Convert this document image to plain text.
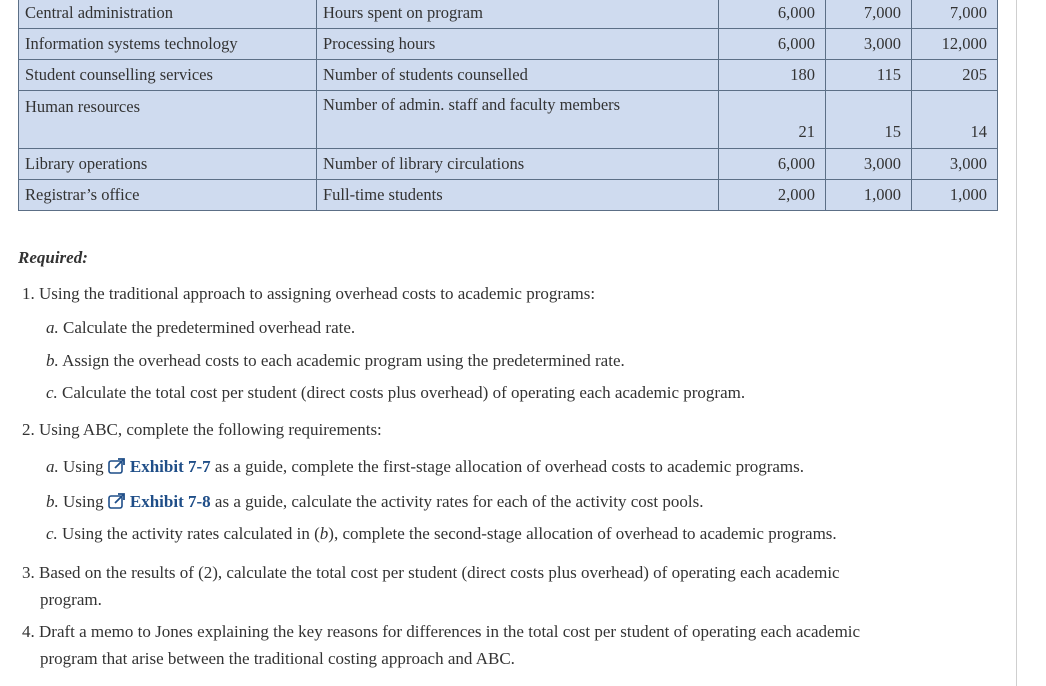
Central administration	Hours spent on program	6,000	7,000	7,000
Information systems technology	Processing hours	6,000	3,000	12,000
Student counselling services	Number of students counselled	180	115	205
Human resources	Number of admin. staff and faculty members	21	15	14
Library operations	Number of library circulations	6,000	3,000	3,000
Registrar’s office	Full-time students	2,000	1,000	1,000
Required:
1. Using the traditional approach to assigning overhead costs to academic programs:
a. Calculate the predetermined overhead rate.
b. Assign the overhead costs to each academic program using the predetermined rate.
c. Calculate the total cost per student (direct costs plus overhead) of operating each academic program.
2. Using ABC, complete the following requirements:
a. Using Exhibit 7-7 as a guide, complete the first-stage allocation of overhead costs to academic programs.
b. Using Exhibit 7-8 as a guide, calculate the activity rates for each of the activity cost pools.
c. Using the activity rates calculated in (b), complete the second-stage allocation of overhead to academic programs.
3. Based on the results of (2), calculate the total cost per student (direct costs plus overhead) of operating each academic
program.
4. Draft a memo to Jones explaining the key reasons for differences in the total cost per student of operating each academic
program that arise between the traditional costing approach and ABC.
